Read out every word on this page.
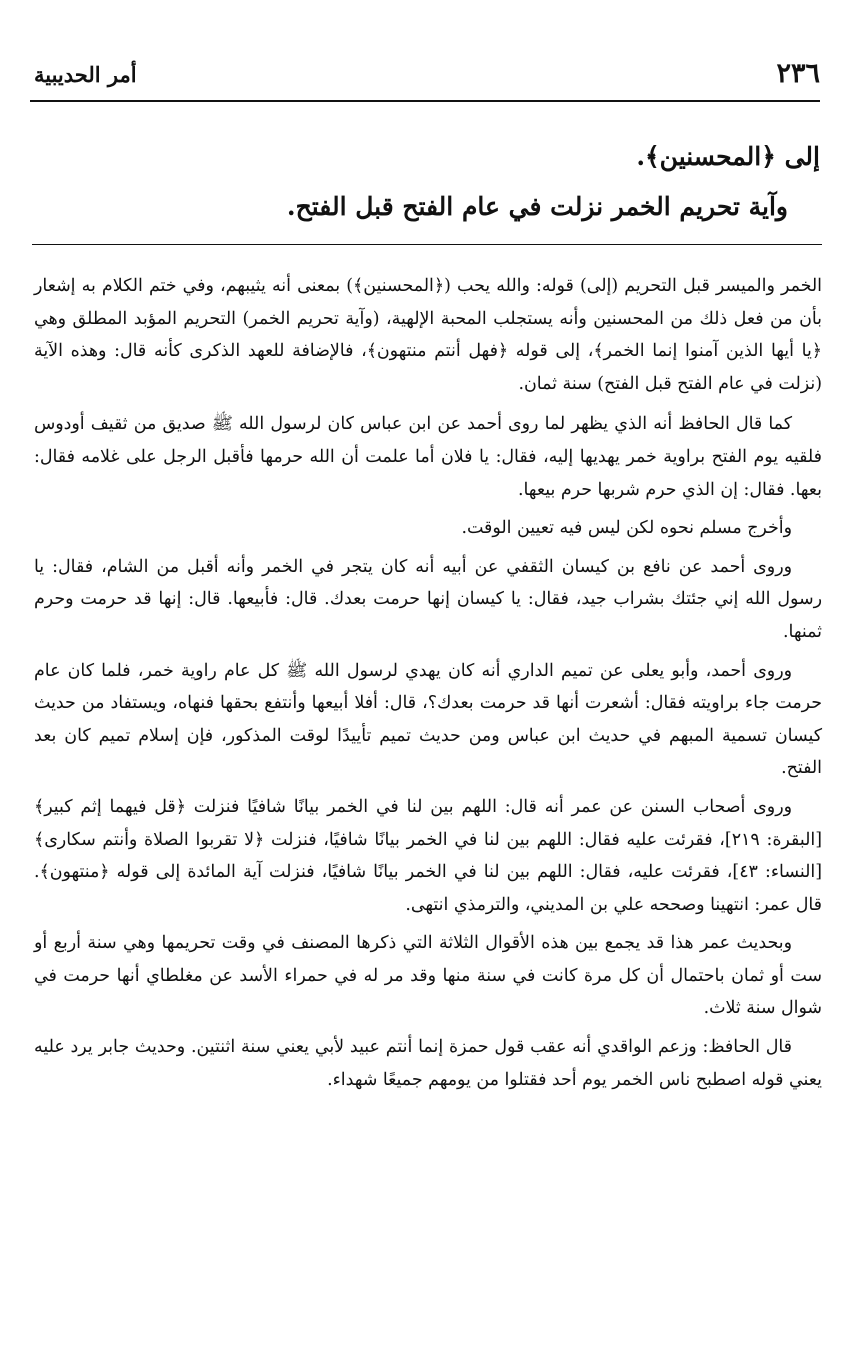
٢٣٦
أمر الحديبية

إلى ﴿المحسنين﴾.

وآية تحريم الخمر نزلت في عام الفتح قبل الفتح.

الخمر والميسر قبل التحريم (إلى) قوله: والله يحب (﴿المحسنين﴾) بمعنى أنه يثيبهم، وفي ختم الكلام به إشعار بأن من فعل ذلك من المحسنين وأنه يستجلب المحبة الإلهية، (وآية تحريم الخمر) التحريم المؤبد المطلق وهي ﴿يا أيها الذين آمنوا إنما الخمر﴾، إلى قوله ﴿فهل أنتم منتهون﴾، فالإضافة للعهد الذكرى كأنه قال: وهذه الآية (نزلت في عام الفتح قبل الفتح) سنة ثمان.

كما قال الحافظ أنه الذي يظهر لما روى أحمد عن ابن عباس كان لرسول الله ﷺ صديق من ثقيف أودوس فلقيه يوم الفتح براوية خمر يهديها إليه، فقال: يا فلان أما علمت أن الله حرمها فأقبل الرجل على غلامه فقال: بعها. فقال: إن الذي حرم شربها حرم بيعها.

وأخرج مسلم نحوه لكن ليس فيه تعيين الوقت.

وروى أحمد عن نافع بن كيسان الثقفي عن أبيه أنه كان يتجر في الخمر وأنه أقبل من الشام، فقال: يا رسول الله إني جئتك بشراب جيد، فقال: يا كيسان إنها حرمت بعدك. قال: فأبيعها. قال: إنها قد حرمت وحرم ثمنها.

وروى أحمد، وأبو يعلى عن تميم الداري أنه كان يهدي لرسول الله ﷺ كل عام راوية خمر، فلما كان عام حرمت جاء براويته فقال: أشعرت أنها قد حرمت بعدك؟، قال: أفلا أبيعها وأنتفع بحقها فنهاه، ويستفاد من حديث كيسان تسمية المبهم في حديث ابن عباس ومن حديث تميم تأييدًا لوقت المذكور، فإن إسلام تميم كان بعد الفتح.

وروى أصحاب السنن عن عمر أنه قال: اللهم بين لنا في الخمر بيانًا شافيًا فنزلت ﴿قل فيهما إثم كبير﴾ [البقرة: ٢١٩]، فقرئت عليه فقال: اللهم بين لنا في الخمر بيانًا شافيًا، فنزلت ﴿لا تقربوا الصلاة وأنتم سكارى﴾ [النساء: ٤٣]، فقرئت عليه، فقال: اللهم بين لنا في الخمر بيانًا شافيًا، فنزلت آية المائدة إلى قوله ﴿منتهون﴾. قال عمر: انتهينا وصححه علي بن المديني، والترمذي انتهى.

وبحديث عمر هذا قد يجمع بين هذه الأقوال الثلاثة التي ذكرها المصنف في وقت تحريمها وهي سنة أربع أو ست أو ثمان باحتمال أن كل مرة كانت في سنة منها وقد مر له في حمراء الأسد عن مغلطاي أنها حرمت في شوال سنة ثلاث.

قال الحافظ: وزعم الواقدي أنه عقب قول حمزة إنما أنتم عبيد لأبي يعني سنة اثنتين. وحديث جابر يرد عليه يعني قوله اصطبح ناس الخمر يوم أحد فقتلوا من يومهم جميعًا شهداء.
